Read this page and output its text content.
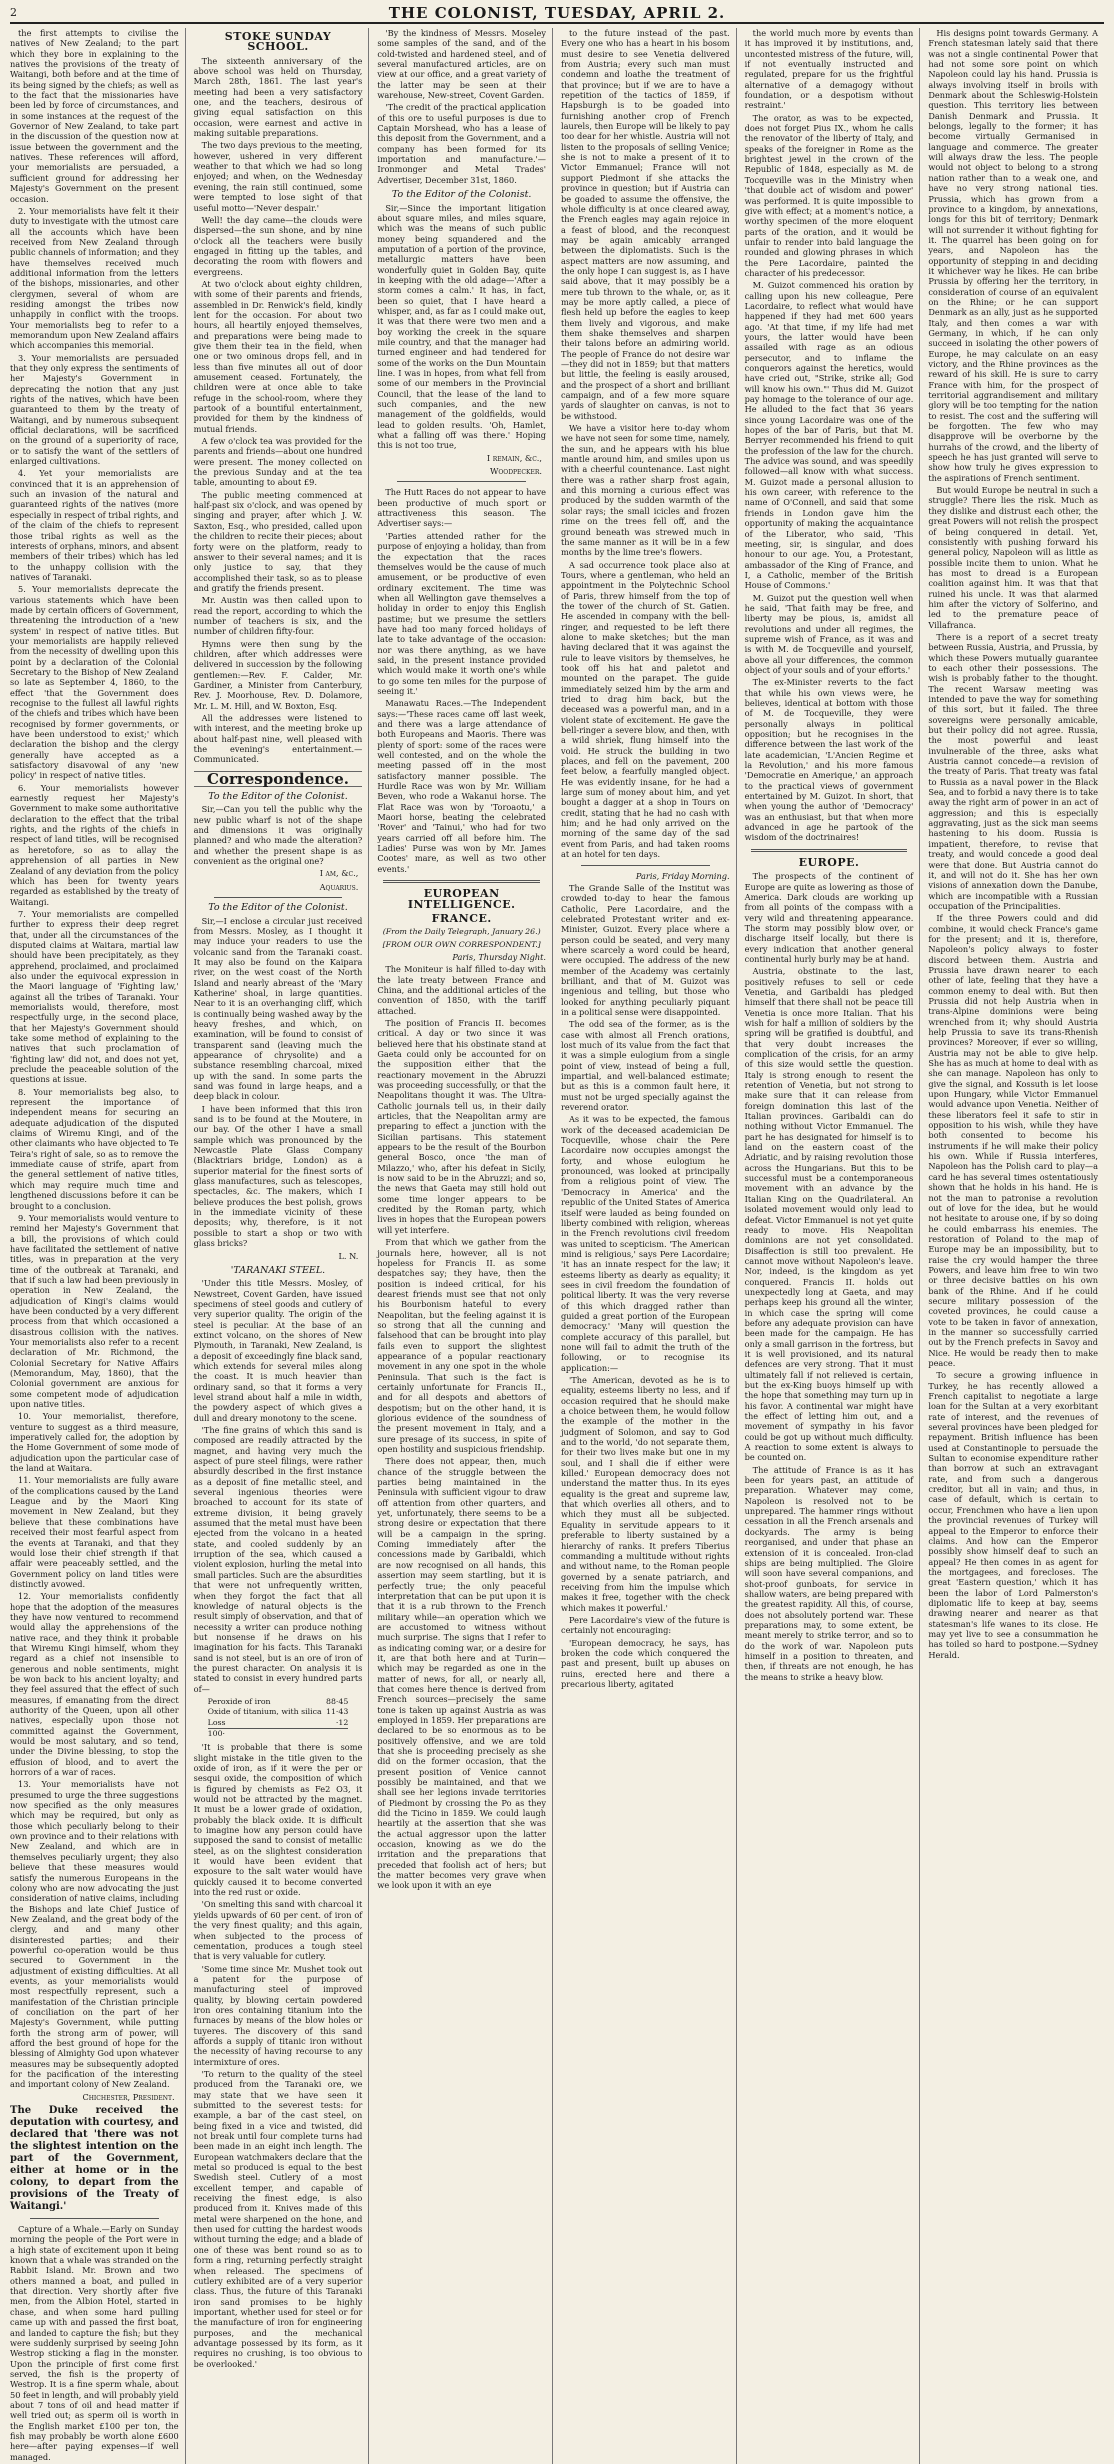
2	THE COLONIST, TUESDAY, APRIL 2.

the first attempts to civilise the natives of New Zealand; to the part which they bore in explaining to the natives the provisions of the treaty of Waitangi, both before and at the time of its being signed by the chiefs; as well as to the fact that the missionaries have been led by force of circumstances, and in some instances at the request of the Governor of New Zealand, to take part in the discussion of the question now at issue between the government and the natives. These references will afford, your memorialists are persuaded, a sufficient ground for addressing her Majesty's Government on the present occasion.

2. Your memorialists have felt it their duty to investigate with the utmost care all the accounts which have been received from New Zealand through public channels of information; and they have themselves received much additional information from the letters of the bishops, missionaries, and other clergymen, several of whom are residing amongst the tribes now unhappily in conflict with the troops. Your memorialists beg to refer to a memorandum upon New Zealand affairs which accompanies this memorial.

3. Your memorialists are persuaded that they only express the sentiments of her Majesty's Government in deprecating the notion that any just rights of the natives, which have been guaranteed to them by the treaty of Waitangi, and by numerous subsequent official declarations, will be sacrificed on the ground of a superiority of race, or to satisfy the want of the settlers of enlarged cultivations.

4. Yet your memorialists are convinced that it is an apprehension of such an invasion of the natural and guaranteed rights of the natives (more especially in respect of tribal rights, and of the claim of the chiefs to represent those tribal rights as well as the interests of orphans, minors, and absent members of their tribes) which has led to the unhappy collision with the natives of Taranaki.

5. Your memorialists deprecate the various statements which have been made by certain officers of Government, threatening the introduction of a 'new system' in respect of native titles. But your memorialists are happily relieved from the necessity of dwelling upon this point by a declaration of the Colonial Secretary to the Bishop of New Zealand so late as September 4, 1860, to the effect 'that the Government does recognise to the fullest all lawful rights of the chiefs and tribes which have been recognised by former governments, or have been understood to exist;' which declaration the bishop and the clergy generally have accepted as a satisfactory disavowal of any 'new policy' in respect of native titles.

6. Your memorialists however earnestly request her Majesty's Government to make some authoritative declaration to the effect that the tribal rights, and the rights of the chiefs in respect of land titles, will be recognised as heretofore, so as to allay the apprehension of all parties in New Zealand of any deviation from the policy which has been for twenty years regarded as established by the treaty of Waitangi.

7. Your memorialists are compelled further to express their deep regret that, under all the circumstances of the disputed claims at Waitara, martial law should have been precipitately, as they apprehend, proclaimed, and proclaimed also under the equivocal expression in the Maori language of 'Fighting law,' against all the tribes of Taranaki. Your memorialists would, therefore, most respectfully urge, in the second place, that her Majesty's Government should take some method of explaining to the natives that such proclamation of 'fighting law' did not, and does not yet, preclude the peaceable solution of the questions at issue.

8. Your memorialists beg also, to represent the importance of independent means for securing an adequate adjudication of the disputed claims of Wiremu Kingi, and of the other claimants who have objected to Te Teira's right of sale, so as to remove the immediate cause of strife, apart from the general settlement of native titles, which may require much time and lengthened discussions before it can be brought to a conclusion.

9. Your memorialists would venture to remind her Majesty's Government that a bill, the provisions of which could have facilitated the settlement of native titles, was in preparation at the very time of the outbreak at Taranaki, and that if such a law had been previously in operation in New Zealand, the adjudication of Kingi's claims would have been conducted by a very different process from that which occasioned a disastrous collision with the natives. Your memorialists also refer to a recent declaration of Mr. Richmond, the Colonial Secretary for Native Affairs (Memorandum, May, 1860), that the Colonial government are anxious for some competent mode of adjudication upon native titles.

10. Your memorialist, therefore, venture to suggest as a third measure, imperatively called for, the adoption by the Home Government of some mode of adjudication upon the particular case of the land at Waitara.

11. Your memorialists are fully aware of the complications caused by the Land League and by the Maori King movement in New Zealand, but they believe that these combinations have received their most fearful aspect from the events at Taranaki, and that they would lose their chief strength if that affair were peaceably settled, and the Government policy on land titles were distinctly avowed.

12. Your memorialists confidently hope that the adoption of the measures they have now ventured to recommend would allay the apprehensions of the native race, and they think it probable that Wiremu Kingi himself, whom they regard as a chief not insensible to generous and noble sentiments, might be won back to his ancient loyalty; and they feel assured that the effect of such measures, if emanating from the direct authority of the Queen, upon all other natives, especially upon those not committed against the Government, would be most salutary, and so tend, under the Divine blessing, to stop the effusion of blood, and to avert the horrors of a war of races.

13. Your memorialists have not presumed to urge the three suggestions now specified as the only measures which may be required, but only as those which peculiarly belong to their own province and to their relations with New Zealand, and which are in themselves peculiarly urgent; they also believe that these measures would satisfy the numerous Europeans in the colony who are now advocating the just consideration of native claims, including the Bishops and late Chief Justice of New Zealand, and the great body of the clergy, and and many other disinterested parties; and their powerful co-operation would be thus secured to Government in the adjustment of existing difficulties. At all events, as your memorialists would most respectfully represent, such a manifestation of the Christian principle of conciliation on the part of her Majesty's Government, while putting forth the strong arm of power, will afford the best ground of hope for the blessing of Almighty God upon whatever measures may be subsequently adopted for the pacification of the interesting and important colony of New Zealand.

Chichester, President.

The Duke received the deputation with courtesy, and declared that 'there was not the slightest intention on the part of the Government, either at home or in the colony, to depart from the provisions of the Treaty of Waitangi.'

Capture of a Whale.—Early on Sunday morning the people of the Port were in a high state of excitement upon it being known that a whale was stranded on the Rabbit Island. Mr. Brown and two others manned a boat, and pulled in that direction. Very shortly after five men, from the Albion Hotel, started in chase, and when some hard pulling came up with and passed the first boat, and landed to capture the fish; but they were suddenly surprised by seeing John Westrop sticking a flag in the monster. Upon the principle of first come first served, the fish is the property of Westrop. It is a fine sperm whale, about 50 feet in length, and will probably yield about 7 tons of oil and head matter if well tried out; as sperm oil is worth in the English market £100 per ton, the fish may probably be worth alone £600 here—after paying expenses—if well managed.

STOKE SUNDAY SCHOOL.

The sixteenth anniversary of the above school was held on Thursday, March 28th, 1861. The last year's meeting had been a very satisfactory one, and the teachers, desirous of giving equal satisfaction on this occasion, were earnest and active in making suitable preparations.

The two days previous to the meeting, however, ushered in very different weather to that which we had so long enjoyed; and when, on the Wednesday evening, the rain still continued, some were tempted to lose sight of that useful motto—'Never despair.'

Well! the day came—the clouds were dispersed—the sun shone, and by nine o'clock all the teachers were busily engaged in fitting up the tables, and decorating the room with flowers and evergreens.

At two o'clock about eighty children, with some of their parents and friends, assembled in Dr. Renwick's field, kindly lent for the occasion. For about two hours, all heartily enjoyed themselves, and preparations were being made to give them their tea in the field, when one or two ominous drops fell, and in less than five minutes all out of door amusement ceased. Fortunately, the children were at once able to take refuge in the school-room, where they partook of a bountiful entertainment, provided for them by the kindness of mutual friends.

A few o'clock tea was provided for the parents and friends—about one hundred were present. The money collected on the previous Sunday and at the tea table, amounting to about £9.

The public meeting commenced at half-past six o'clock, and was opened by singing and prayer, after which J. W. Saxton, Esq., who presided, called upon the children to recite their pieces; about forty were on the platform, ready to answer to their several names; and it is only justice to say, that they accomplished their task, so as to please and gratify the friends present.

Mr. Austin was then called upon to read the report, according to which the number of teachers is six, and the number of children fifty-four.

Hymns were then sung by the children, after which addresses were delivered in succession by the following gentlemen:—Rev. F. Calder, Mr. Gardiner, a Minister from Canterbury, Rev. J. Moorhouse, Rev. D. Dolamore, Mr. L. M. Hill, and W. Boxton, Esq.

All the addresses were listened to with interest, and the meeting broke up about half-past nine, well pleased with the evening's entertainment.—Communicated.

Correspondence.
To the Editor of the Colonist.

Sir,—Can you tell the public why the new public wharf is not of the shape and dimensions it was originally planned? and who made the alteration? and whether the present shape is as convenient as the original one?

I am, &c.,
Aquarius.
To the Editor of the Colonist.

Sir,—I enclose a circular just received from Messrs. Mosley, as I thought it may induce your readers to use the volcanic sand from the Taranaki coast. It may also be found on the Kaipara river, on the west coast of the North Island and nearly abreast of the 'Mary Katherine' shoal, in large quantities. Near to it is an overhanging cliff, which is continually being washed away by the heavy freshes, and which, on examination, will be found to consist of transparent sand (leaving much the appearance of chrysolite) and a substance resembling charcoal, mixed up with the sand. In some parts the sand was found in large heaps, and a deep black in colour.

I have been informed that this iron sand is to be found at the Moutere, in our bay. Of the other I have a small sample which was pronounced by the Newcastle Plate Glass Company (Blacktriars bridge, London) as a superior material for the finest sorts of glass manufactures, such as telescopes, spectacles, &c. The makers, which I believe produces the best polish, grows in the immediate vicinity of these deposits; why, therefore, is it not possible to start a shop or two with glass bricks?

L. N.
'TARANAKI STEEL.

'Under this title Messrs. Mosley, of Newstreet, Covent Garden, have issued specimens of steel goods and cutlery of very superior quality. The origin of the steel is peculiar. At the base of an extinct volcano, on the shores of New Plymouth, in Taranaki, New Zealand, is a deposit of exceedingly fine black sand, which extends for several miles along the coast. It is much heavier than ordinary sand, so that it forms a very level strand about half a mile in width, the powdery aspect of which gives a dull and dreary monotony to the scene.

'The fine grains of which this sand is composed are readily attracted by the magnet, and having very much the aspect of pure steel filings, were rather absurdly described in the first instance as a deposit of fine metallic steel, and several ingenious theories were broached to account for its state of extreme division, it being gravely assumed that the metal must have been ejected from the volcano in a heated state, and cooled suddenly by an irruption of the sea, which caused a violent explosion, hurling the metal into small particles. Such are the absurdities that were not unfrequently written, when they forgot the fact that all knowledge of natural objects is the result simply of observation, and that of necessity a writer can produce nothing but nonsense if he draws on his imagination for his facts. This Taranaki sand is not steel, but is an ore of iron of the purest character. On analysis it is stated to consist in every hundred parts of—

Peroxide of iron	88·45
Oxide of titanium, with silica 11·43
Loss	·12
100·

'It is probable that there is some slight mistake in the title given to the oxide of iron, as if it were the per or sesqui oxide, the composition of which is figured by chemists as Fe2 O3, it would not be attracted by the magnet. It must be a lower grade of oxidation, probably the black oxide. It is difficult to imagine how any person could have supposed the sand to consist of metallic steel, as on the slightest consideration it would have been evident that exposure to the salt water would have quickly caused it to become converted into the red rust or oxide.

'On smelting this sand with charcoal it yields upwards of 60 per cent. of iron of the very finest quality; and this again, when subjected to the process of cementation, produces a tough steel that is very valuable for cutlery.

'Some time since Mr. Mushet took out a patent for the purpose of manufacturing steel of improved quality, by blowing certain powdered iron ores containing titanium into the furnaces by means of the blow holes or tuyeres. The discovery of this sand affords a supply of titanic iron without the necessity of having recourse to any intermixture of ores.

'To return to the quality of the steel produced from the Taranaki ore, we may state that we have seen it submitted to the severest tests: for example, a bar of the cast steel, on being fixed in a vice and twisted, did not break until four complete turns had been made in an eight inch length. The European watchmakers declare that the metal so produced is equal to the best Swedish steel. Cutlery of a most excellent temper, and capable of receiving the finest edge, is also produced from it. Knives made of this metal were sharpened on the hone, and then used for cutting the hardest woods without turning the edge; and a blade of one of these was bent round so as to form a ring, returning perfectly straight when released. The specimens of cutlery exhibited are of a very superior class. Thus, the future of this Taranaki iron sand promises to be highly important, whether used for steel or for the manufacture of iron for engineering purposes, and the mechanical advantage possessed by its form, as it requires no crushing, is too obvious to be overlooked.'

'By the kindness of Messrs. Moseley some samples of the sand, and of the cold-twisted and hardened steel, and of several manufactured articles, are on view at our office, and a great variety of the latter may be seen at their warehouse, New-street, Covent Garden.

'The credit of the practical application of this ore to useful purposes is due to Captain Morshead, who has a lease of this deposit from the Government, and a company has been formed for its importation and manufacture.'—Ironmonger and Metal Trades' Advertiser, December 31st, 1860.

To the Editor of the Colonist.

Sir,—Since the important litigation about square miles, and miles square, which was the means of such public money being squandered and the amputation of a portion of the province, metallurgic matters have been wonderfully quiet in Golden Bay, quite in keeping with the old adage—'After a storm comes a calm.' It has, in fact, been so quiet, that I have heard a whisper, and, as far as I could make out, it was that there were two men and a boy working the creek in the square mile country, and that the manager had turned engineer and had tendered for some of the works on the Dun Mountain line. I was in hopes, from what fell from some of our members in the Provincial Council, that the lease of the land to such companies, and the new management of the goldfields, would lead to golden results. 'Oh, Hamlet, what a falling off was there.' Hoping this is not too true,

I remain, &c.,
Woodpecker.

The Hutt Races do not appear to have been productive of much sport or attractiveness this season. The Advertiser says:—

'Parties attended rather for the purpose of enjoying a holiday, than from the expectation that the races themselves would be the cause of much amusement, or be productive of even ordinary excitement. The time was when all Wellington gave themselves a holiday in order to enjoy this English pastime; but we presume the settlers have had too many forced holidays of late to take advantage of the occasion: nor was there anything, as we have said, in the present instance provided which would make it worth one's while to go some ten miles for the purpose of seeing it.'

Manawatu Races.—The Independent says:—'These races came off last week, and there was a large attendance of both Europeans and Maoris. There was plenty of sport: some of the races were well contested, and on the whole the meeting passed off in the most satisfactory manner possible. The Hurdle Race was won by Mr. William Beven, who rode a Wakanui horse. The Flat Race was won by 'Toroaotu,' a Maori horse, beating the celebrated 'Rover' and 'Tainui,' who had for two years carried off all before him. The Ladies' Purse was won by Mr. James Cootes' mare, as well as two other events.'

EUROPEAN INTELLIGENCE.
FRANCE.

(From the Daily Telegraph, January 26.)

[FROM OUR OWN CORRESPONDENT.]

Paris, Thursday Night.

The Moniteur is half filled to-day with the late treaty between France and China, and the additional articles of the convention of 1850, with the tariff attached.

The position of Francis II. becomes critical. A day or two since it was believed here that his obstinate stand at Gaeta could only be accounted for on the supposition either that the reactionary movement in the Abruzzi was proceeding successfully, or that the Neapolitans thought it was. The Ultra-Catholic journals tell us, in their daily articles, that the Neapolitan army are preparing to effect a junction with the Sicilian partisans. This statement appears to be the result of the Bourbon general Bosco, once 'the man of Milazzo,' who, after his defeat in Sicily, is now said to be in the Abruzzi; and so, the news that Gaeta may still hold out some time longer appears to be credited by the Roman party, which lives in hopes that the European powers will yet interfere.

From that which we gather from the journals here, however, all is not hopeless for Francis II. as some despatches say; they have, then the position is indeed critical, for his dearest friends must see that not only his Bourbonism hateful to every Neapolitan, but the feeling against it is so strong that all the cunning and falsehood that can be brought into play fails even to support the slightest appearance of a popular reactionary movement in any one spot in the whole Peninsula. That such is the fact is certainly unfortunate for Francis II., and for all despots and abettors of despotism; but on the other hand, it is glorious evidence of the soundness of the present movement in Italy, and a sure presage of its success, in spite of open hostility and suspicious friendship.

There does not appear, then, much chance of the struggle between the parties being maintained in the Peninsula with sufficient vigour to draw off attention from other quarters, and yet, unfortunately, there seems to be a strong desire or expectation that there will be a campaign in the spring. Coming immediately after the concessions made by Garibaldi, which are now recognised on all hands, this assertion may seem startling, but it is perfectly true; the only peaceful interpretation that can be put upon it is that it is a rub thrown to the French military while—an operation which we are accustomed to witness without much surprise. The signs that I refer to as indicating coming war, or a desire for it, are that both here and at Turin—which may be regarded as one in the matter of news, for all, or nearly all, that comes here thence is derived from French sources—precisely the same tone is taken up against Austria as was employed in 1859. Her preparations are declared to be so enormous as to be positively offensive, and we are told that she is proceeding precisely as she did on the former occasion, that the present position of Venice cannot possibly be maintained, and that we shall see her legions invade territories of Piedmont by crossing the Po as they did the Ticino in 1859. We could laugh heartily at the assertion that she was the actual aggressor upon the latter occasion, knowing as we do the irritation and the preparations that preceded that foolish act of hers; but the matter becomes very grave when we look upon it with an eye

to the future instead of the past. Every one who has a heart in his bosom must desire to see Venetia delivered from Austria; every such man must condemn and loathe the treatment of that province; but if we are to have a repetition of the tactics of 1859, if Hapsburgh is to be goaded into furnishing another crop of French laurels, then Europe will be likely to pay too dear for her whistle. Austria will not listen to the proposals of selling Venice; she is not to make a present of it to Victor Emmanuel; France will not support Piedmont if she attacks the province in question; but if Austria can be goaded to assume the offensive, the whole difficulty is at once cleared away, the French eagles may again rejoice in a feast of blood, and the reconquest may be again amicably arranged between the diplomatists. Such is the aspect matters are now assuming, and the only hope I can suggest is, as I have said above, that it may possibly be a mere tub thrown to the whale, or, as it may be more aptly called, a piece of flesh held up before the eagles to keep them lively and vigorous, and make them shake themselves and sharpen their talons before an admiring world. The people of France do not desire war—they did not in 1859; but that matters but little, the feeling is easily aroused, and the prospect of a short and brilliant campaign, and of a few more square yards of slaughter on canvas, is not to be withstood.

We have a visitor here to-day whom we have not seen for some time, namely, the sun, and he appears with his blue mantle around him, and smiles upon us with a cheerful countenance. Last night there was a rather sharp frost again, and this morning a curious effect was produced by the sudden warmth of the solar rays; the small icicles and frozen rime on the trees fell off, and the ground beneath was strewed much in the same manner as it will be in a few months by the lime tree's flowers.

A sad occurrence took place also at Tours, where a gentleman, who held an appointment in the Polytechnic School of Paris, threw himself from the top of the tower of the church of St. Gatien. He ascended in company with the bell-ringer, and requested to be left there alone to make sketches; but the man having declared that it was against the rule to leave visitors by themselves, he took off his hat and paletot and mounted on the parapet. The guide immediately seized him by the arm and tried to drag him back, but the deceased was a powerful man, and in a violent state of excitement. He gave the bell-ringer a severe blow, and then, with a wild shriek, flung himself into the void. He struck the building in two places, and fell on the pavement, 200 feet below, a fearfully mangled object. He was evidently insane, for he had a large sum of money about him, and yet bought a dagger at a shop in Tours on credit, stating that he had no cash with him; and he had only arrived on the morning of the same day of the sad event from Paris, and had taken rooms at an hotel for ten days.

Paris, Friday Morning.

The Grande Salle of the Institut was crowded to-day to hear the famous Catholic, Pere Lacordaire, and the celebrated Protestant writer and ex-Minister, Guizot. Every place where a person could be seated, and very many where scarcely a word could be heard, were occupied. The address of the new member of the Academy was certainly brilliant, and that of M. Guizot was ingenious and telling, but those who looked for anything peculiarly piquant in a political sense were disappointed.

The odd sea of the former, as is the case with almost all French orations, lost much of its value from the fact that it was a simple eulogium from a single point of view, instead of being a full, impartial, and well-balanced estimate; but as this is a common fault here, it must not be urged specially against the reverend orator.

As it was to be expected, the famous work of the deceased academician De Tocqueville, whose chair the Pere Lacordaire now occupies amongst the forty, and whose eulogium he pronounced, was looked at principally from a religious point of view. The 'Democracy in America' and the republic of the United States of America itself were lauded as being founded on liberty combined with religion, whereas in the French revolutions civil freedom was united to scepticism. 'The American mind is religious,' says Pere Lacordaire; 'it has an innate respect for the law; it esteems liberty as dearly as equality; it sees in civil freedom the foundation of political liberty. It was the very reverse of this which dragged rather than guided a great portion of the European democracy.' 'Many will question the complete accuracy of this parallel, but none will fail to admit the truth of the following, or to recognise its application:—

'The American, devoted as he is to equality, esteems liberty no less, and if occasion required that he should make a choice between them, he would follow the example of the mother in the judgment of Solomon, and say to God and to the world, 'do not separate them, for their two lives make but one in my soul, and I shall die if either were killed.' European democracy does not understand the matter thus. In its eyes equality is the great and supreme law, that which overlies all others, and to which they must all be subjected. Equality in servitude appears to it preferable to liberty sustained by a hierarchy of ranks. It prefers Tiberius commanding a multitude without rights and without name, to the Roman people governed by a senate patriarch, and receiving from him the impulse which makes it free, together with the check which makes it powerful.'

Pere Lacordaire's view of the future is certainly not encouraging:

'European democracy, he says, has broken the code which conquered the past and present, built up abuses on ruins, erected here and there a precarious liberty, agitated

the world much more by events than it has improved it by institutions, and, uncontested mistress of the future, will, if not eventually instructed and regulated, prepare for us the frightful alternative of a demagogy without foundation, or a despotism without restraint.'

The orator, as was to be expected, does not forget Pius IX., whom he calls the renovator of the liberty of Italy, and speaks of the foreigner in Rome as the brightest jewel in the crown of the Republic of 1848, especially as M. de Tocqueville was in the Ministry when 'that double act of wisdom and power' was performed. It is quite impossible to give with effect; at a moment's notice, a worthy specimen of the more eloquent parts of the oration, and it would be unfair to render into bald language the rounded and glowing phrases in which the Pere Lacordaire, painted the character of his predecessor.

M. Guizot commenced his oration by calling upon his new colleague, Pere Lacordaire, to reflect what would have happened if they had met 600 years ago. 'At that time, if my life had met yours, the latter would have been assailed with rage as an odious persecutor, and to inflame the conquerors against the heretics, would have cried out, "Strike, strike all; God will know his own."' Thus did M. Guizot pay homage to the tolerance of our age. He alluded to the fact that 36 years since young Lacordaire was one of the hopes of the bar of Paris, but that M. Berryer recommended his friend to quit the profession of the law for the church. The advice was sound, and was speedily followed—all know with what success. M. Guizot made a personal allusion to his own career, with reference to the name of O'Connell, and said that some friends in London gave him the opportunity of making the acquaintance of the Liberator, who said, 'This meeting, sir, is singular, and does honour to our age. You, a Protestant, ambassador of the King of France, and I, a Catholic, member of the British House of Commons.'

M. Guizot put the question well when he said, 'That faith may be free, and liberty may be pious, is, amidst all revolutions and under all regimes, the supreme wish of France, as it was and is with M. de Tocqueville and yourself, above all your differences, the common object of your souls and of your efforts.'

The ex-Minister reverts to the fact that while his own views were, he believes, identical at bottom with those of M. de Tocqueville, they were personally always in political opposition; but he recognises in the difference between the last work of the late academician, 'L'Ancien Regime et la Revolution,' and his more famous 'Democratie en Amerique,' an approach to the practical views of government entertained by M. Guizot. In short, that when young the author of 'Democracy' was an enthusiast, but that when more advanced in age he partook of the wisdom of the doctrinaires!

EUROPE.

The prospects of the continent of Europe are quite as lowering as those of America. Dark clouds are working up from all points of the compass with a very wild and threatening appearance. The storm may possibly blow over, or discharge itself locally, but there is every indication that another general continental hurly burly may be at hand.

Austria, obstinate to the last, positively refuses to sell or cede Venetia, and Garibaldi has pledged himself that there shall not be peace till Venetia is once more Italian. That his wish for half a million of soldiers by the spring will be gratified is doubtful, and that very doubt increases the complication of the crisis, for an army of this size would settle the question. Italy is strong enough to resent the retention of Venetia, but not strong to make sure that it can release from foreign domination this last of the Italian provinces. Garibaldi can do nothing without Victor Emmanuel. The part he has designated for himself is to land on the eastern coast of the Adriatic, and by raising revolution those across the Hungarians. But this to be successful must be a contemporaneous movement with an advance by the Italian King on the Quadrilateral. An isolated movement would only lead to defeat. Victor Emmanuel is not yet quite ready to move. His Neapolitan dominions are not yet consolidated. Disaffection is still too prevalent. He cannot move without Napoleon's leave. Nor, indeed, is the kingdom as yet conquered. Francis II. holds out unexpectedly long at Gaeta, and may perhaps keep his ground all the winter, in which case the spring will come before any adequate provision can have been made for the campaign. He has only a small garrison in the fortress, but it is well provisioned, and its natural defences are very strong. That it must ultimately fall if not relieved is certain, but the ex-King buoys himself up with the hope that something may turn up in his favor. A continental war might have the effect of letting him out, and a movement of sympathy in his favor could be got up without much difficulty. A reaction to some extent is always to be counted on.

The attitude of France is as it has been for years past, an attitude of preparation. Whatever may come, Napoleon is resolved not to be unprepared. The hammer rings without cessation in all the French arsenals and dockyards. The army is being reorganised, and under that phase an extension of it is concealed. Iron-clad ships are being multiplied. The Gloire will soon have several companions, and shot-proof gunboats, for service in shallow waters, are being prepared with the greatest rapidity. All this, of course, does not absolutely portend war. These preparations may, to some extent, be meant merely to strike terror, and so to do the work of war. Napoleon puts himself in a position to threaten, and then, if threats are not enough, he has the means to strike a heavy blow.

His designs point towards Germany. A French statesman lately said that there was not a single continental Power that had not some sore point on which Napoleon could lay his hand. Prussia is always involving itself in broils with Denmark about the Schleswig-Holstein question. This territory lies between Danish Denmark and Prussia. It belongs, legally to the former; it has become virtually Germanised in language and commerce. The greater will always draw the less. The people would not object to belong to a strong nation rather than to a weak one, and have no very strong national ties. Prussia, which has grown from a province to a kingdom, by annexations, longs for this bit of territory; Denmark will not surrender it without fighting for it. The quarrel has been going on for years, and Napoleon has the opportunity of stepping in and deciding it whichever way he likes. He can bribe Prussia by offering her the territory, in consideration of course of an equivalent on the Rhine; or he can support Denmark as an ally, just as he supported Italy, and then comes a war with Germany, in which, if he can only succeed in isolating the other powers of Europe, he may calculate on an easy victory, and the Rhine provinces as the reward of his skill. He is sure to carry France with him, for the prospect of territorial aggrandisement and military glory will be too tempting for the nation to resist. The cost and the suffering will be forgotten. The few who may disapprove will be overborne by the hurrahs of the crowd, and the liberty of speech he has just granted will serve to show how truly he gives expression to the aspirations of French sentiment.

But would Europe be neutral in such a struggle? There lies the risk. Much as they dislike and distrust each other, the great Powers will not relish the prospect of being conquered in detail. Yet, consistently with pushing forward his general policy, Napoleon will as little as possible incite them to union. What he has most to dread is a European coalition against him. It was that that ruined his uncle. It was that alarmed him after the victory of Solferino, and led to the premature peace of Villafranca.

There is a report of a secret treaty between Russia, Austria, and Prussia, by which these Powers mutually guarantee to each other their possessions. The wish is probably father to the thought. The recent Warsaw meeting was intended to pave the way for something of this sort, but it failed. The three sovereigns were personally amicable, but their policy did not agree. Russia, the most powerful and least invulnerable of the three, asks what Austria cannot concede—a revision of the treaty of Paris. That treaty was fatal to Russia as a naval power in the Black Sea, and to forbid a navy there is to take away the right arm of power in an act of aggression; and this is especially aggravating, just as the sick man seems hastening to his doom. Russia is impatient, therefore, to revise that treaty, and would concede a good deal were that done. But Austria cannot do it, and will not do it. She has her own visions of annexation down the Danube, which are incompatible with a Russian occupation of the Principalities.

If the three Powers could and did combine, it would check France's game for the present; and it is, therefore, Napoleon's policy always to foster discord between them. Austria and Prussia have drawn nearer to each other of late, feeling that they have a common enemy to deal with. But then Prussia did not help Austria when in trans-Alpine dominions were being wrenched from it; why should Austria help Prussia to save its trans-Rhenish provinces? Moreover, if ever so willing, Austria may not be able to give help. She has as much at home to deal with as she can manage. Napoleon has only to give the signal, and Kossuth is let loose upon Hungary, while Victor Emmanuel would advance upon Venetia. Neither of these liberators feel it safe to stir in opposition to his wish, while they have both consented to become his instruments if he will make their policy his own. While if Russia interferes, Napoleon has the Polish card to play—a card he has several times ostentatiously shown that he holds in his hand. He is not the man to patronise a revolution out of love for the idea, but he would not hesitate to arouse one, if by so doing he could embarrass his enemies. The restoration of Poland to the map of Europe may be an impossibility, but to raise the cry would hamper the three Powers, and leave him free to win two or three decisive battles on his own bank of the Rhine. And if he could secure military possession of the coveted provinces, he could cause a vote to be taken in favor of annexation, in the manner so successfully carried out by the French prefects in Savoy and Nice. He would be ready then to make peace.

To secure a growing influence in Turkey, he has recently allowed a French capitalist to negotiate a large loan for the Sultan at a very exorbitant rate of interest, and the revenues of several provinces have been pledged for repayment. British influence has been used at Constantinople to persuade the Sultan to economise expenditure rather than borrow at such an extravagant rate, and from such a dangerous creditor, but all in vain; and thus, in case of default, which is certain to occur, Frenchmen who have a lien upon the provincial revenues of Turkey will appeal to the Emperor to enforce their claims. And how can the Emperor possibly show himself deaf to such an appeal? He then comes in as agent for the mortgagees, and forecloses. The great 'Eastern question,' which it has been the labor of Lord Palmerston's diplomatic life to keep at bay, seems drawing nearer and nearer as that statesman's life wanes to its close. He may yet live to see a consummation he has toiled so hard to postpone.—Sydney Herald.
